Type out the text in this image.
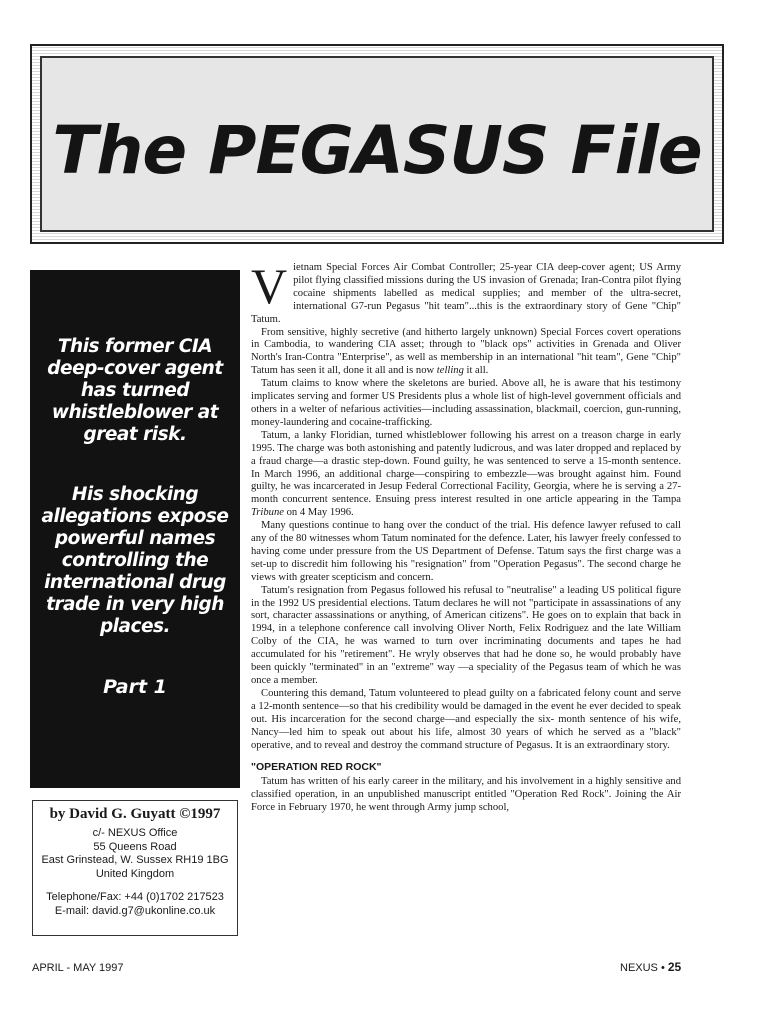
The PEGASUS File
This former CIA deep-cover agent has turned whistleblower at great risk.
His shocking allegations expose powerful names controlling the international drug trade in very high places.
Part 1
by David G. Guyatt ©1997
c/- NEXUS Office
55 Queens Road
East Grinstead, W. Sussex RH19 1BG
United Kingdom
Telephone/Fax: +44 (0)1702 217523
E-mail: david.g7@ukonline.co.uk

Vietnam Special Forces Air Combat Controller; 25-year CIA deep-cover agent; US Army pilot flying classified missions during the US invasion of Grenada; Iran-Contra pilot flying cocaine shipments labelled as medical supplies; and member of the ultra-secret, international G7-run Pegasus "hit team"...this is the extraordinary story of Gene "Chip" Tatum.

From sensitive, highly secretive (and hitherto largely unknown) Special Forces covert operations in Cambodia, to wandering CIA asset; through to "black ops" activities in Grenada and Oliver North's Iran-Contra "Enterprise", as well as membership in an international "hit team", Gene "Chip" Tatum has seen it all, done it all and is now telling it all.

Tatum claims to know where the skeletons are buried. Above all, he is aware that his testimony implicates serving and former US Presidents plus a whole list of high-level government officials and others in a welter of nefarious activities—including assassination, blackmail, coercion, gun-running, money-laundering and cocaine-trafficking.

Tatum, a lanky Floridian, turned whistleblower following his arrest on a treason charge in early 1995. The charge was both astonishing and patently ludicrous, and was later dropped and replaced by a fraud charge—a drastic step-down. Found guilty, he was sentenced to serve a 15-month sentence. In March 1996, an additional charge—conspiring to embezzle—was brought against him. Found guilty, he was incarcerated in Jesup Federal Correctional Facility, Georgia, where he is serving a 27-month concurrent sentence. Ensuing press interest resulted in one article appearing in the Tampa Tribune on 4 May 1996.

Many questions continue to hang over the conduct of the trial. His defence lawyer refused to call any of the 80 witnesses whom Tatum nominated for the defence. Later, his lawyer freely confessed to having come under pressure from the US Department of Defense. Tatum says the first charge was a set-up to discredit him following his "resignation" from "Operation Pegasus". The second charge he views with greater scepticism and concern.

Tatum's resignation from Pegasus followed his refusal to "neutralise" a leading US political figure in the 1992 US presidential elections. Tatum declares he will not "participate in assassinations of any sort, character assassinations or anything, of American citizens". He goes on to explain that back in 1994, in a telephone conference call involving Oliver North, Felix Rodriguez and the late William Colby of the CIA, he was warned to turn over incriminating documents and tapes he had accumulated for his "retirement". He wryly observes that had he done so, he would probably have been quickly "terminated" in an "extreme" way —a speciality of the Pegasus team of which he was once a member.

Countering this demand, Tatum volunteered to plead guilty on a fabricated felony count and serve a 12-month sentence—so that his credibility would be damaged in the event he ever decided to speak out. His incarceration for the second charge—and especially the six- month sentence of his wife, Nancy—led him to speak out about his life, almost 30 years of which he served as a "black" operative, and to reveal and destroy the command structure of Pegasus. It is an extraordinary story.

"OPERATION RED ROCK"

Tatum has written of his early career in the military, and his involvement in a highly sensitive and classified operation, in an unpublished manuscript entitled "Operation Red Rock". Joining the Air Force in February 1970, he went through Army jump school,

APRIL - MAY 1997	NEXUS • 25
